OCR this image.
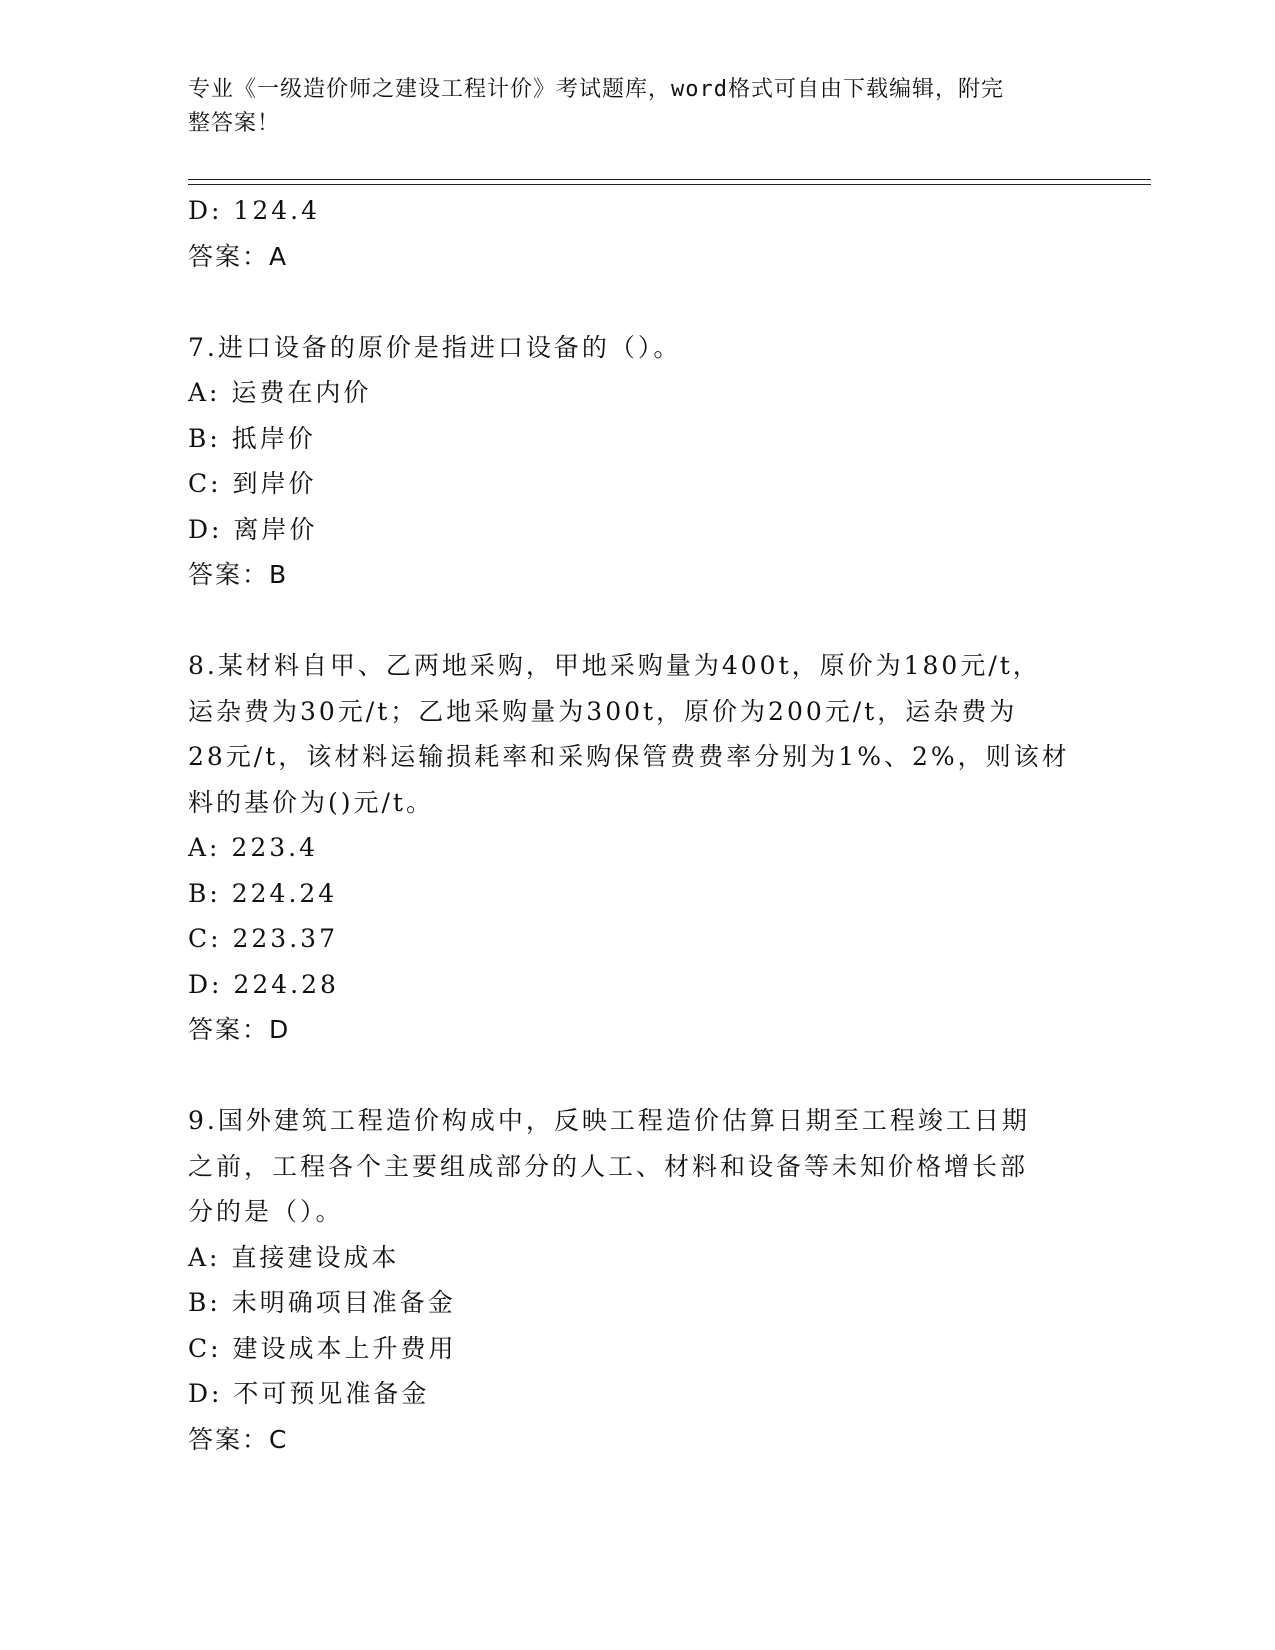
专业《一级造价师之建设工程计价》考试题库，word格式可自由下载编辑，附完
整答案！
D: 124.4
答案：A
7.进口设备的原价是指进口设备的（）。
A: 运费在内价
B: 抵岸价
C: 到岸价
D: 离岸价
答案：B
8.某材料自甲、乙两地采购，甲地采购量为400t，原价为180元/t，
运杂费为30元/t；乙地采购量为300t，原价为200元/t，运杂费为
28元/t，该材料运输损耗率和采购保管费费率分别为1%、2%，则该材
料的基价为()元/t。
A: 223.4
B: 224.24
C: 223.37
D: 224.28
答案：D
9.国外建筑工程造价构成中，反映工程造价估算日期至工程竣工日期
之前，工程各个主要组成部分的人工、材料和设备等未知价格增长部
分的是（）。
A: 直接建设成本
B: 未明确项目准备金
C: 建设成本上升费用
D: 不可预见准备金
答案：C
